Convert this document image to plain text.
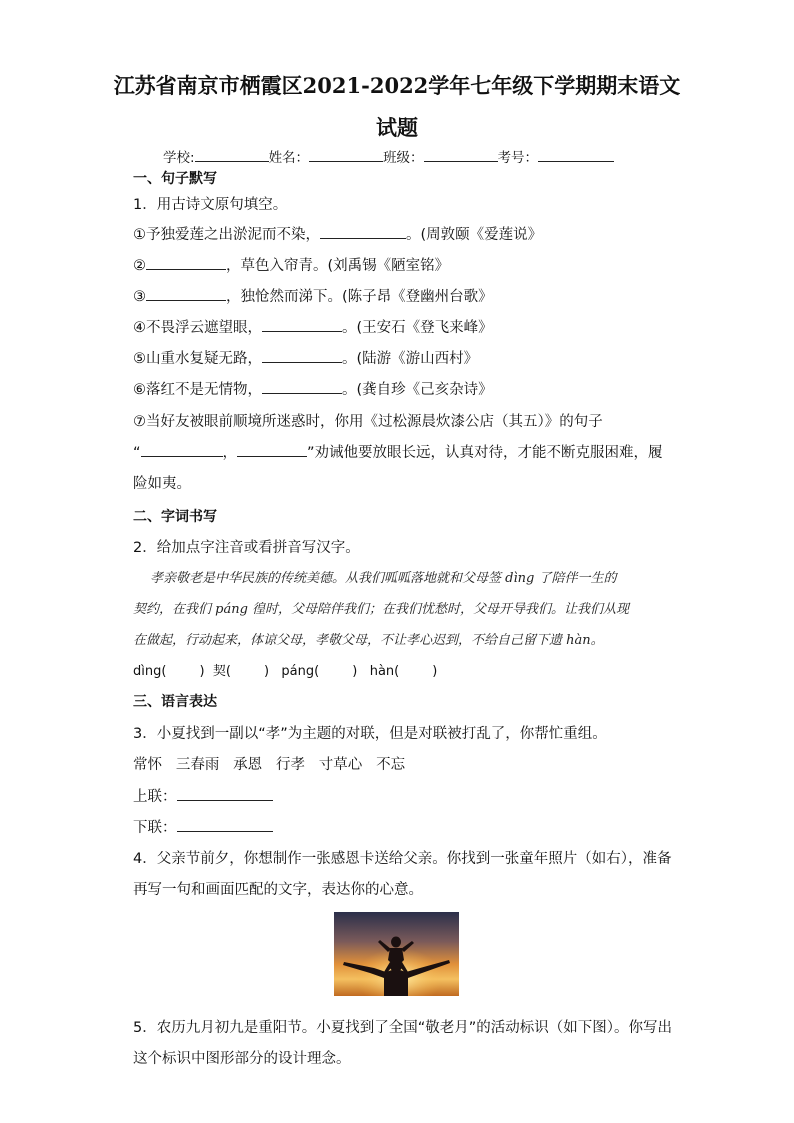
江苏省南京市栖霞区2021-2022学年七年级下学期期末语文
试题
学校:	姓名：	班级：	考号：
一、句子默写
1．用古诗文原句填空。
①予独爱莲之出淤泥而不染，	。(周敦颐《爱莲说》
②	，草色入帘青。(刘禹锡《陋室铭》
③	，独怆然而涕下。(陈子昂《登幽州台歌》
④不畏浮云遮望眼，	。(王安石《登飞来峰》
⑤山重水复疑无路，	。(陆游《游山西村》
⑥落红不是无情物，	。(龚自珍《己亥杂诗》
⑦当好友被眼前顺境所迷惑时，你用《过松源晨炊漆公店（其五）》的句子
“	，	”劝诫他要放眼长远，认真对待，才能不断克服困难，履
险如夷。
二、字词书写
2．给加点字注音或看拼音写汉字。
孝亲敬老是中华民族的传统美德。从我们呱呱落地就和父母签 dìng 了陪伴一生的
契约，在我们 páng 徨时，父母陪伴我们；在我们忧愁时，父母开导我们。让我们从现
在做起，行动起来，体谅父母，孝敬父母，不让孝心迟到，不给自己留下遗 hàn。
dìng(        )  契(        )   páng(        )   hàn(        )
三、语言表达
3．小夏找到一副以“孝”为主题的对联，但是对联被打乱了，你帮忙重组。
常怀   三春雨   承恩   行孝   寸草心   不忘
上联：
下联：
4．父亲节前夕，你想制作一张感恩卡送给父亲。你找到一张童年照片（如右），准备
再写一句和画面匹配的文字，表达你的心意。
5．农历九月初九是重阳节。小夏找到了全国“敬老月”的活动标识（如下图）。你写出
这个标识中图形部分的设计理念。
